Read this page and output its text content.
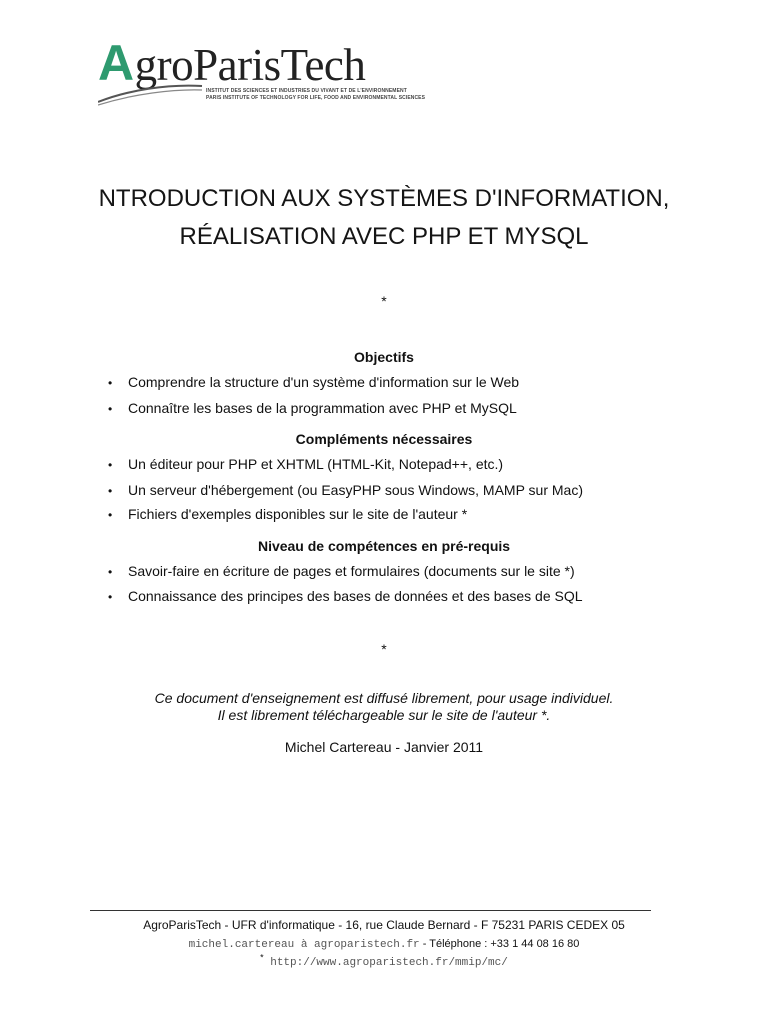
AgroParisTech
INSTITUT DES SCIENCES ET INDUSTRIES DU VIVANT ET DE L'ENVIRONNEMENT
PARIS INSTITUTE OF TECHNOLOGY FOR LIFE, FOOD AND ENVIRONMENTAL SCIENCES
NTRODUCTION AUX SYSTÈMES D'INFORMATION,
RÉALISATION AVEC PHP ET MYSQL
*
Objectifs
• Comprendre la structure d'un système d'information sur le Web
• Connaître les bases de la programmation avec PHP et MySQL
Compléments nécessaires
• Un éditeur pour PHP et XHTML (HTML-Kit, Notepad++, etc.)
• Un serveur d'hébergement (ou EasyPHP sous Windows, MAMP sur Mac)
• Fichiers d'exemples disponibles sur le site de l'auteur *
Niveau de compétences en pré-requis
• Savoir-faire en écriture de pages et formulaires (documents sur le site *)
• Connaissance des principes des bases de données et des bases de SQL
*
Ce document d'enseignement est diffusé librement, pour usage individuel.
Il est librement téléchargeable sur le site de l'auteur *.
Michel Cartereau - Janvier 2011
AgroParisTech - UFR d'informatique - 16, rue Claude Bernard - F 75231 PARIS CEDEX 05
michel.cartereau à agroparistech.fr - Téléphone : +33 1 44 08 16 80
* http://www.agroparistech.fr/mmip/mc/
